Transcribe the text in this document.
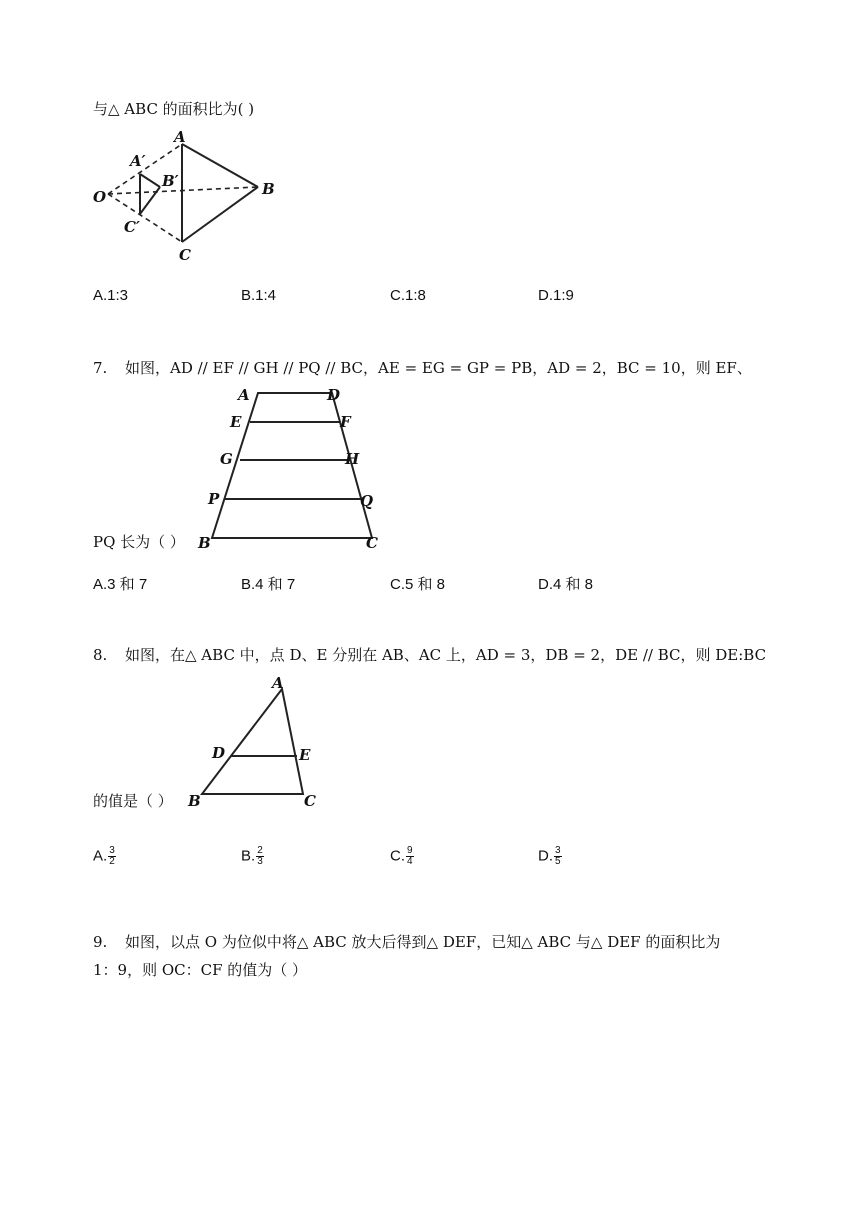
与△ ABC 的面积比为( )
A
A′
O
B′	B
C′
C
A.1:3	B.1:4	C.1:8	D.1:9
7. 如图，AD // EF // GH // PQ // BC，AE = EG = GP = PB，AD = 2，BC = 10，则 EF、
A	D
E	F
G	H
P	Q
B	C
PQ 长为（ ）
A.3 和 7	B.4 和 7	C.5 和 8	D.4 和 8
8. 如图，在△ ABC 中，点 D、E 分别在 AB、AC 上，AD = 3，DB = 2，DE // BC，则 DE:BC
A
D	E
B	C
的值是（ ）
A. $\frac{3}{2}$	B. $\frac{2}{3}$	C. $\frac{9}{4}$	D. $\frac{3}{5}$
9. 如图，以点 O 为位似中将△ ABC 放大后得到△ DEF，已知△ ABC 与△ DEF 的面积比为
1：9，则 OC：CF 的值为（ ）
